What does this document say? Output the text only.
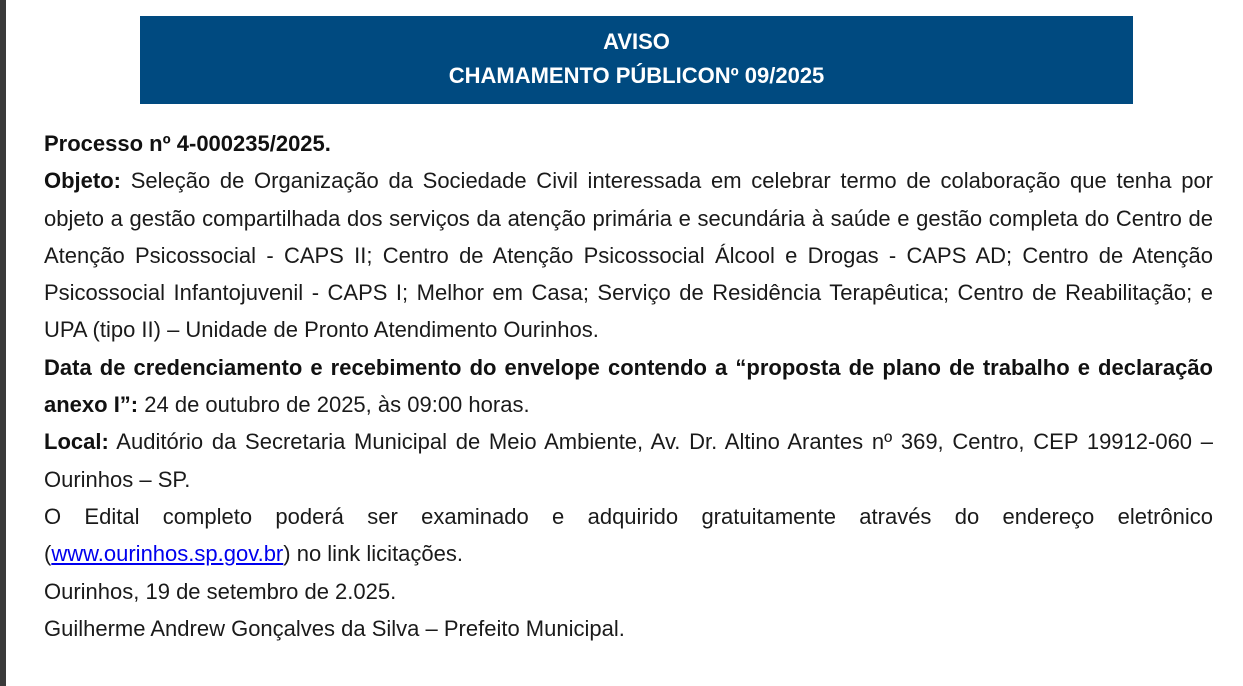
AVISO
CHAMAMENTO PÚBLICONº 09/2025

Processo nº 4-000235/2025.

Objeto: Seleção de Organização da Sociedade Civil interessada em celebrar termo de colaboração que tenha por objeto a gestão compartilhada dos serviços da atenção primária e secundária à saúde e gestão completa do Centro de Atenção Psicossocial - CAPS II; Centro de Atenção Psicossocial Álcool e Drogas - CAPS AD; Centro de Atenção Psicossocial Infantojuvenil - CAPS I; Melhor em Casa; Serviço de Residência Terapêutica; Centro de Reabilitação; e UPA (tipo II) – Unidade de Pronto Atendimento Ourinhos.

Data de credenciamento e recebimento do envelope contendo a “proposta de plano de trabalho e declaração anexo I”: 24 de outubro de 2025, às 09:00 horas.

Local: Auditório da Secretaria Municipal de Meio Ambiente, Av. Dr. Altino Arantes nº 369, Centro, CEP 19912-060 – Ourinhos – SP.

O Edital completo poderá ser examinado e adquirido gratuitamente através do endereço eletrônico (www.ourinhos.sp.gov.br) no link licitações.

Ourinhos, 19 de setembro de 2.025.

Guilherme Andrew Gonçalves da Silva – Prefeito Municipal.
